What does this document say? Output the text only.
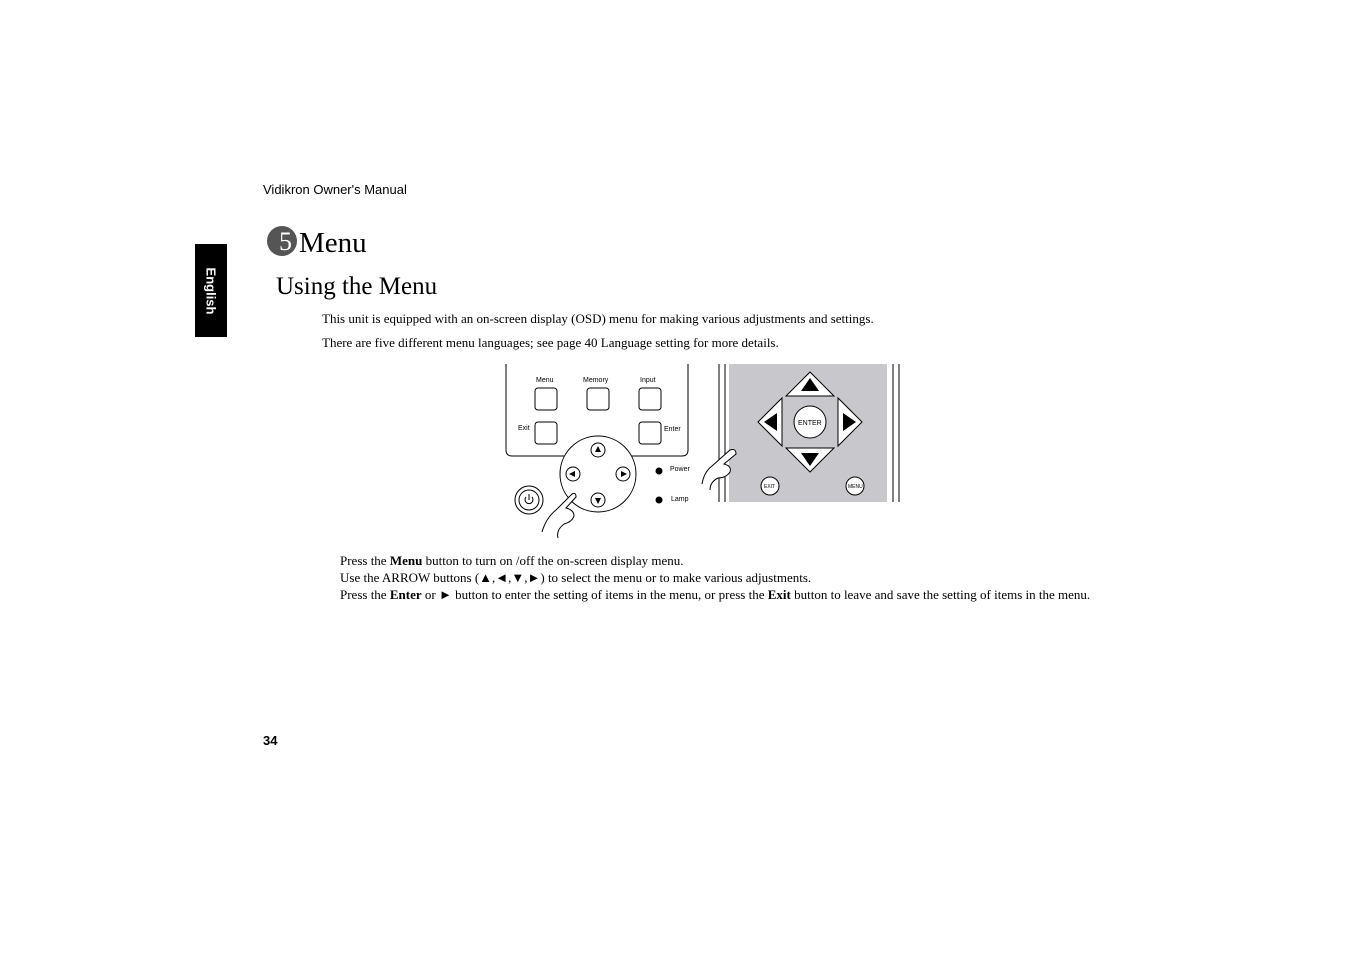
Vidikron Owner's Manual
English
5 Menu
Using the Menu
This unit is equipped with an on-screen display (OSD) menu for making various adjustments and settings.
There are five different menu languages; see page 40 Language setting for more details.
Menu	Memory	Input
Exit	Enter
Power
Lamp
ENTER
EXIT	MENU
Press the Menu button to turn on /off the on-screen display menu.
Use the ARROW buttons (▲,◄,▼,►) to select the menu or to make various adjustments.
Press the Enter or ► button to enter the setting of items in the menu, or press the Exit button to leave and save the setting of items in the menu.
34
